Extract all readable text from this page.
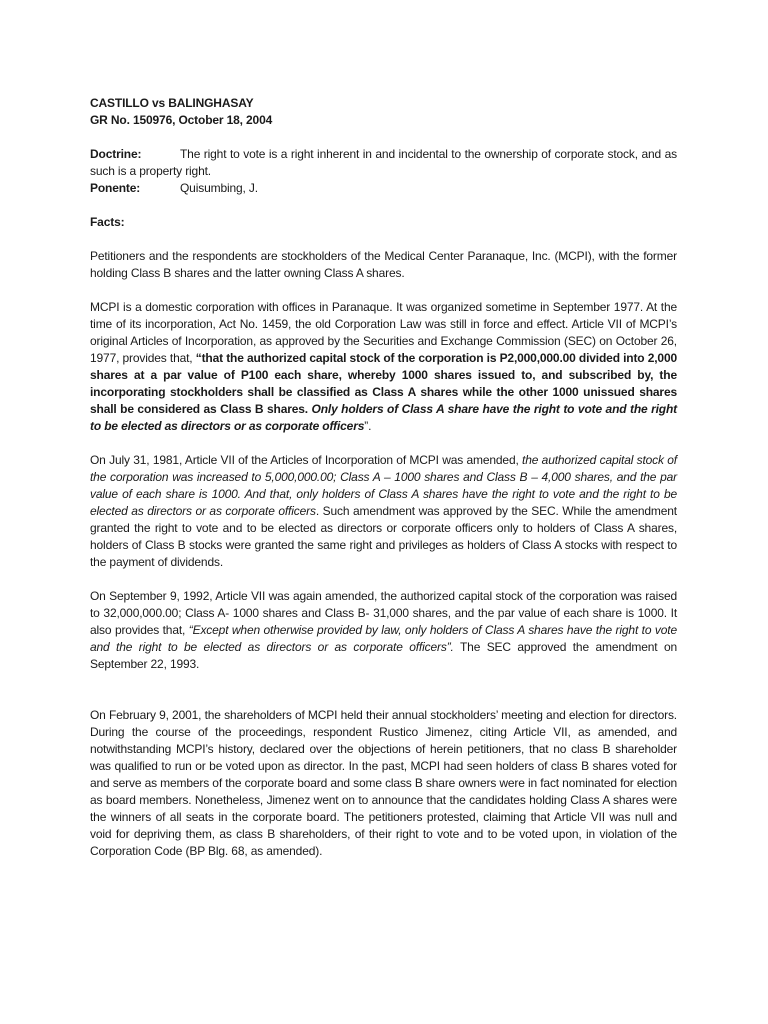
CASTILLO vs BALINGHASAY

GR No. 150976, October 18, 2004

Doctrine:	The right to vote is a right inherent in and incidental to the ownership of corporate stock, and as such is a property right.

Ponente:	Quisumbing, J.

Facts:

Petitioners and the respondents are stockholders of the Medical Center Paranaque, Inc. (MCPI), with the former holding Class B shares and the latter owning Class A shares.

MCPI is a domestic corporation with offices in Paranaque. It was organized sometime in September 1977. At the time of its incorporation, Act No. 1459, the old Corporation Law was still in force and effect. Article VII of MCPI’s original Articles of Incorporation, as approved by the Securities and Exchange Commission (SEC) on October 26, 1977, provides that, “that the authorized capital stock of the corporation is P2,000,000.00 divided into 2,000 shares at a par value of P100 each share, whereby 1000 shares issued to, and subscribed by, the incorporating stockholders shall be classified as Class A shares while the other 1000 unissued shares shall be considered as Class B shares. Only holders of Class A share have the right to vote and the right to be elected as directors or as corporate officers”.

On July 31, 1981, Article VII of the Articles of Incorporation of MCPI was amended, the authorized capital stock of the corporation was increased to 5,000,000.00; Class A – 1000 shares and Class B – 4,000 shares, and the par value of each share is 1000. And that, only holders of Class A shares have the right to vote and the right to be elected as directors or as corporate officers. Such amendment was approved by the SEC. While the amendment granted the right to vote and to be elected as directors or corporate officers only to holders of Class A shares, holders of Class B stocks were granted the same right and privileges as holders of Class A stocks with respect to the payment of dividends.

On September 9, 1992, Article VII was again amended, the authorized capital stock of the corporation was raised to 32,000,000.00; Class A- 1000 shares and Class B- 31,000 shares, and the par value of each share is 1000. It also provides that, “Except when otherwise provided by law, only holders of Class A shares have the right to vote and the right to be elected as directors or as corporate officers”. The SEC approved the amendment on September 22, 1993.

On February 9, 2001, the shareholders of MCPI held their annual stockholders’ meeting and election for directors. During the course of the proceedings, respondent Rustico Jimenez, citing Article VII, as amended, and notwithstanding MCPI’s history, declared over the objections of herein petitioners, that no class B shareholder was qualified to run or be voted upon as director. In the past, MCPI had seen holders of class B shares voted for and serve as members of the corporate board and some class B share owners were in fact nominated for election as board members. Nonetheless, Jimenez went on to announce that the candidates holding Class A shares were the winners of all seats in the corporate board. The petitioners protested, claiming that Article VII was null and void for depriving them, as class B shareholders, of their right to vote and to be voted upon, in violation of the Corporation Code (BP Blg. 68, as amended).
